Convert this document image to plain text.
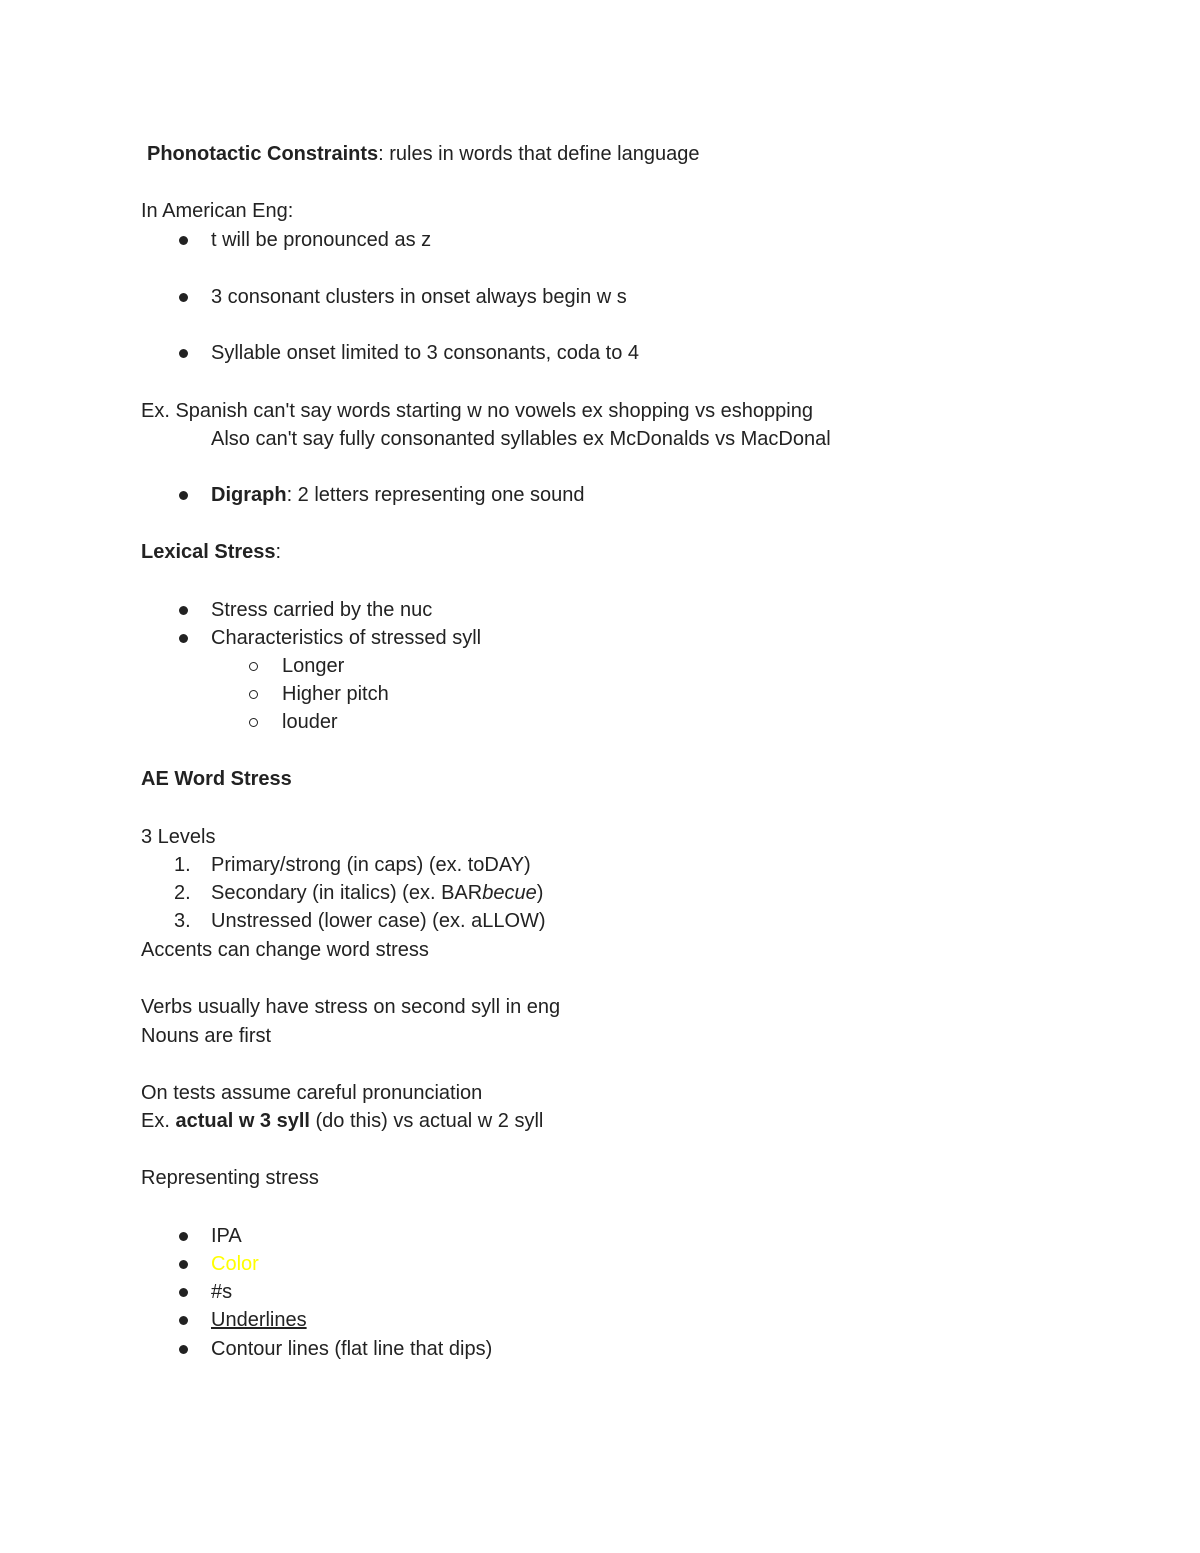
Phonotactic Constraints: rules in words that define language
In American Eng:
t will be pronounced as z
3 consonant clusters in onset always begin w s
Syllable onset limited to 3 consonants, coda to 4
Ex. Spanish can't say words starting w no vowels ex shopping vs eshopping
Also can't say fully consonanted syllables ex McDonalds vs MacDonal
Digraph: 2 letters representing one sound
Lexical Stress:
Stress carried by the nuc
Characteristics of stressed syll
Longer
Higher pitch
louder
AE Word Stress
3 Levels
1. Primary/strong (in caps) (ex. toDAY)
2. Secondary (in italics) (ex. BARbecue)
3. Unstressed (lower case) (ex. aLLOW)
Accents can change word stress
Verbs usually have stress on second syll in eng
Nouns are first
On tests assume careful pronunciation
Ex. actual w 3 syll (do this) vs actual w 2 syll
Representing stress
IPA
Color
#s
Underlines
Contour lines (flat line that dips)
